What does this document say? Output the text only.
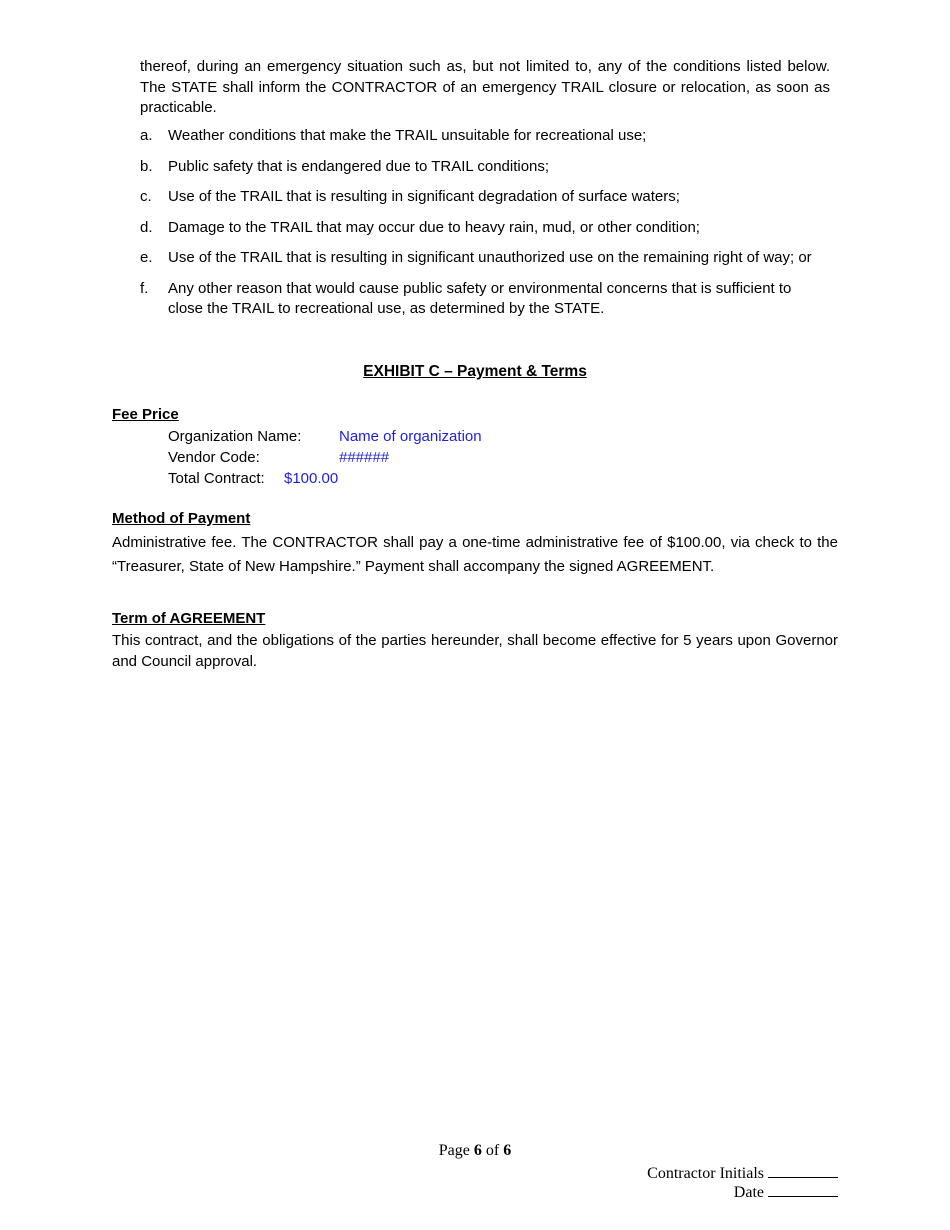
thereof, during an emergency situation such as, but not limited to, any of the conditions listed below. The STATE shall inform the CONTRACTOR of an emergency TRAIL closure or relocation, as soon as practicable.

a. Weather conditions that make the TRAIL unsuitable for recreational use;
b. Public safety that is endangered due to TRAIL conditions;
c. Use of the TRAIL that is resulting in significant degradation of surface waters;
d. Damage to the TRAIL that may occur due to heavy rain, mud, or other condition;
e. Use of the TRAIL that is resulting in significant unauthorized use on the remaining right of way; or
f. Any other reason that would cause public safety or environmental concerns that is sufficient to close the TRAIL to recreational use, as determined by the STATE.
EXHIBIT C – Payment & Terms
Fee Price
Organization Name:	Name of organization
Vendor Code:	######
Total Contract: $100.00
Method of Payment

Administrative fee. The CONTRACTOR shall pay a one-time administrative fee of $100.00, via check to the “Treasurer, State of New Hampshire.” Payment shall accompany the signed AGREEMENT.

Term of AGREEMENT

This contract, and the obligations of the parties hereunder, shall become effective for 5 years upon Governor and Council approval.

Page 6 of 6
Contractor Initials
Date
